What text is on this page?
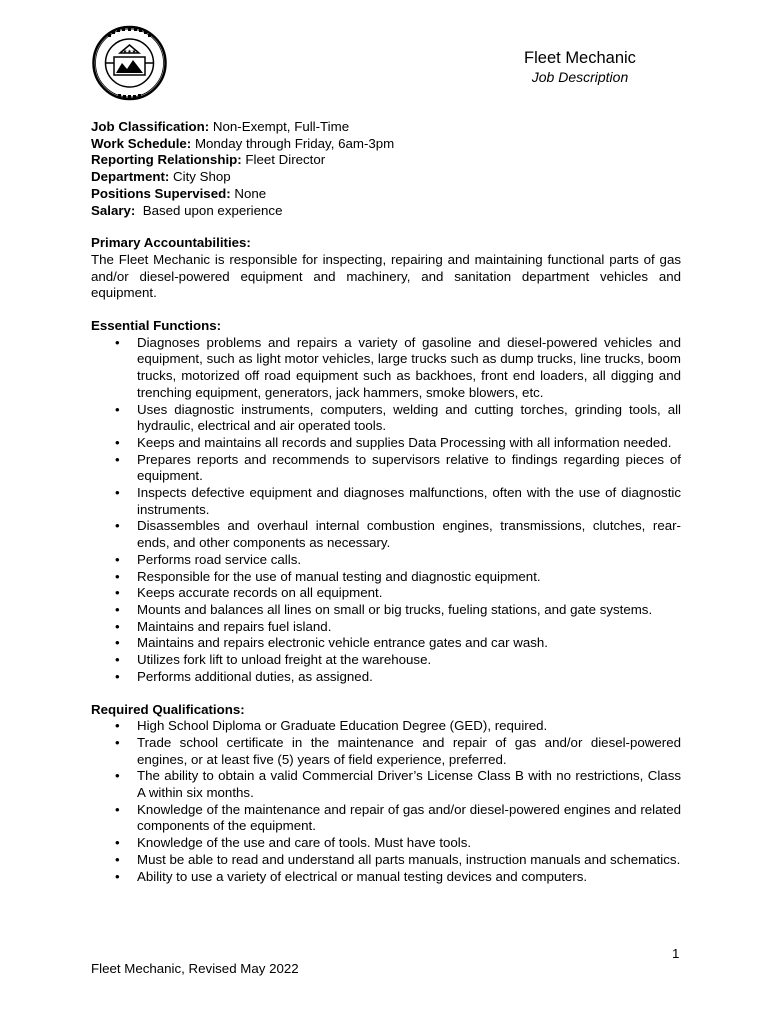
★★★	Fleet Mechanic
Job Description

Job Classification: Non-Exempt, Full-Time

Work Schedule: Monday through Friday, 6am-3pm

Reporting Relationship: Fleet Director

Department: City Shop

Positions Supervised: None

Salary:  Based upon experience

Primary Accountabilities:

The Fleet Mechanic is responsible for inspecting, repairing and maintaining functional parts of gas and/or diesel-powered equipment and machinery, and sanitation department vehicles and equipment.

Essential Functions:

• Diagnoses problems and repairs a variety of gasoline and diesel-powered vehicles and equipment, such as light motor vehicles, large trucks such as dump trucks, line trucks, boom trucks, motorized off road equipment such as backhoes, front end loaders, all digging and trenching equipment, generators, jack hammers, smoke blowers, etc.
• Uses diagnostic instruments, computers, welding and cutting torches, grinding tools, all hydraulic, electrical and air operated tools.
• Keeps and maintains all records and supplies Data Processing with all information needed.
• Prepares reports and recommends to supervisors relative to findings regarding pieces of equipment.
• Inspects defective equipment and diagnoses malfunctions, often with the use of diagnostic instruments.
• Disassembles and overhaul internal combustion engines, transmissions, clutches, rear-ends, and other components as necessary.
• Performs road service calls.
• Responsible for the use of manual testing and diagnostic equipment.
• Keeps accurate records on all equipment.
• Mounts and balances all lines on small or big trucks, fueling stations, and gate systems.
• Maintains and repairs fuel island.
• Maintains and repairs electronic vehicle entrance gates and car wash.
• Utilizes fork lift to unload freight at the warehouse.
• Performs additional duties, as assigned.

Required Qualifications:

• High School Diploma or Graduate Education Degree (GED), required.
• Trade school certificate in the maintenance and repair of gas and/or diesel-powered engines, or at least five (5) years of field experience, preferred.
• The ability to obtain a valid Commercial Driver’s License Class B with no restrictions, Class A within six months.
• Knowledge of the maintenance and repair of gas and/or diesel-powered engines and related components of the equipment.
• Knowledge of the use and care of tools. Must have tools.
• Must be able to read and understand all parts manuals, instruction manuals and schematics.
• Ability to use a variety of electrical or manual testing devices and computers.
1
Fleet Mechanic, Revised May 2022
